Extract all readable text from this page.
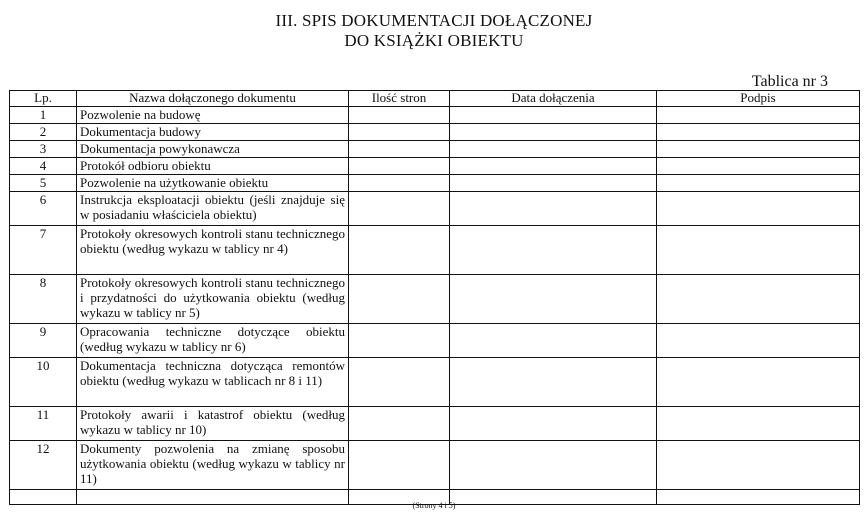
III. SPIS DOKUMENTACJI DOŁĄCZONEJ
DO KSIĄŻKI OBIEKTU
Tablica nr 3
Lp.	Nazwa dołączonego dokumentu	Ilość stron	Data dołączenia	Podpis
1	Pozwolenie na budowę			
2	Dokumentacja budowy			
3	Dokumentacja powykonawcza			
4	Protokół odbioru obiektu			
5	Pozwolenie na użytkowanie obiektu			
6	Instrukcja eksploatacji obiektu (jeśli znajduje się w posiadaniu właściciela obiektu)			
7	Protokoły okresowych kontroli stanu technicznego obiektu (według wykazu w tablicy nr 4)			
8	Protokoły okresowych kontroli stanu technicznego i przydatności do użytkowania obiektu (według wykazu w tablicy nr 5)			
9	Opracowania techniczne dotyczące obiektu (według wykazu w tablicy nr 6)			
10	Dokumentacja techniczna dotycząca remontów obiektu (według wykazu w tablicach nr 8 i 11)			
11	Protokoły awarii i katastrof obiektu (według wykazu w tablicy nr 10)			
12	Dokumenty pozwolenia na zmianę sposobu użytkowania obiektu (według wykazu w tablicy nr 11)			

(Strony 4 i 5)
